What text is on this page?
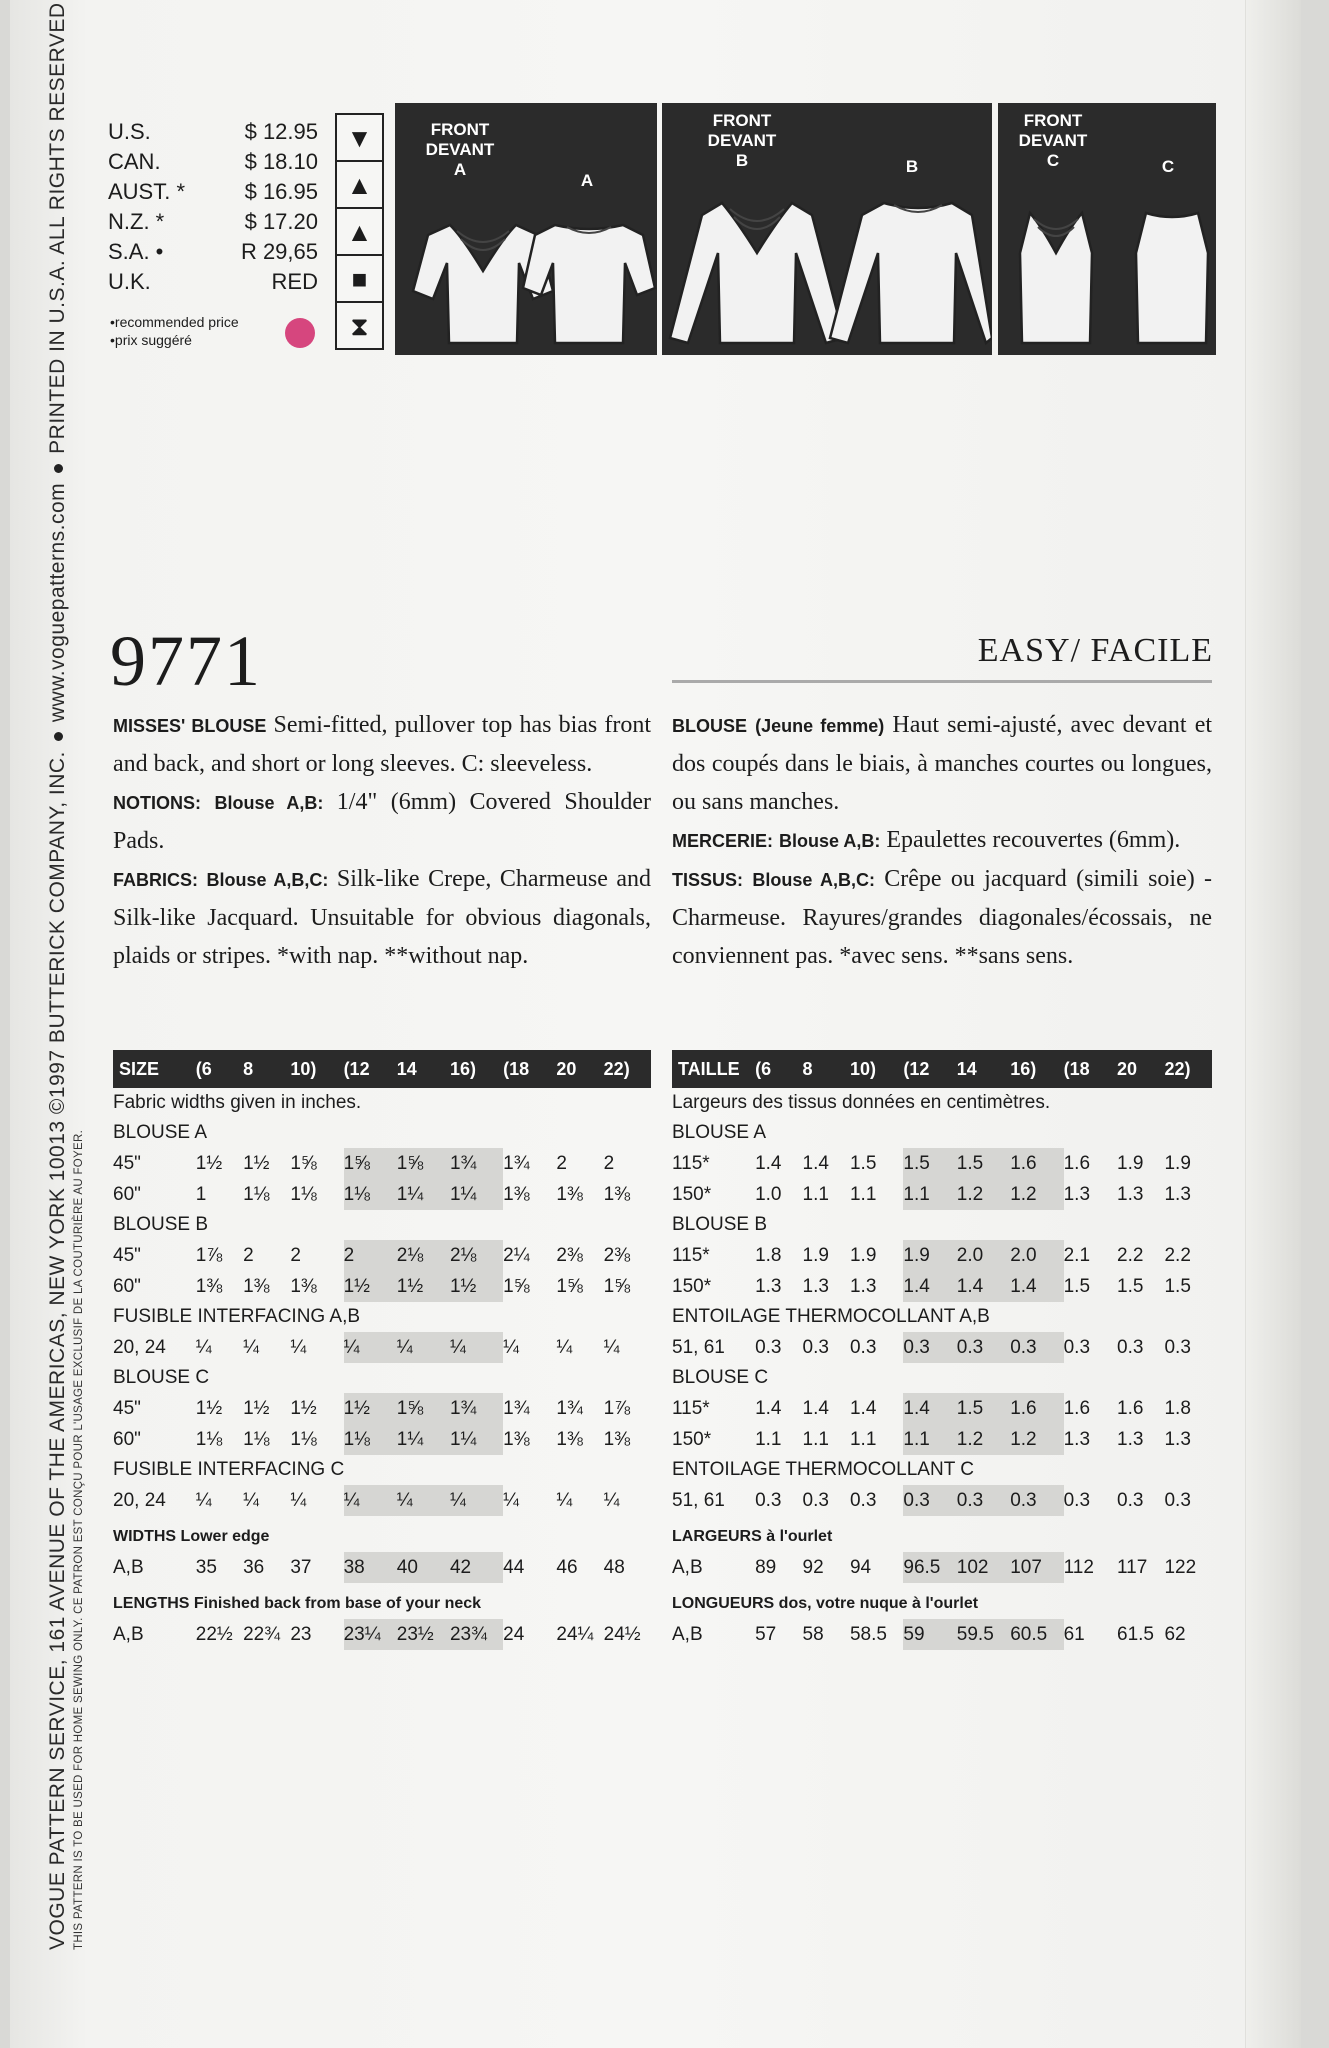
VOGUE PATTERN SERVICE, 161 AVENUE OF THE AMERICAS, NEW YORK 10013 ©1997 BUTTERICK COMPANY, INC.www.voguepatterns.comPRINTED IN U.S.A. ALL RIGHTS RESERVED
THIS PATTERN IS TO BE USED FOR HOME SEWING ONLY. CE PATRON EST CONÇU POUR L'USAGE EXCLUSIF DE LA COUTURIÈRE AU FOYER.
U.S.	$ 12.95
CAN.	$ 18.10
AUST. *	$ 16.95
N.Z. *	$ 17.20
S.A. •	R 29,65
U.K.	RED
•recommended price
•prix suggéré
▼
▲
▲
■
⧗
FRONT
DEVANT
A
A
FRONT
DEVANT
B	B
FRONT
DEVANT
C	C
9771	EASY/ FACILE

MISSES' BLOUSE Semi-fitted, pullover top has bias front and back, and short or long sleeves. C: sleeveless.

NOTIONS: Blouse A,B: 1/4" (6mm) Covered Shoulder Pads.

FABRICS: Blouse A,B,C: Silk-like Crepe, Charmeuse and Silk-like Jacquard. Unsuitable for obvious diagonals, plaids or stripes. *with nap. **without nap.

BLOUSE (Jeune femme) Haut semi-ajusté, avec devant et dos coupés dans le biais, à manches courtes ou longues, ou sans manches.

MERCERIE: Blouse A,B: Epaulettes recouvertes (6mm).

TISSUS: Blouse A,B,C: Crêpe ou jacquard (simili soie) - Charmeuse. Rayures/grandes diagonales/écossais, ne conviennent pas. *avec sens. **sans sens.

SIZE	(6	8	10)	(12	14	16)	(18	20	22)
Fabric widths given in inches.									
BLOUSE A									
45"	1½	1½	1⅝	1⅝	1⅝	1¾	1¾	2	2
60"	1	1⅛	1⅛	1⅛	1¼	1¼	1⅜	1⅜	1⅜
BLOUSE B									
45"	1⅞	2	2	2	2⅛	2⅛	2¼	2⅜	2⅜
60"	1⅜	1⅜	1⅜	1½	1½	1½	1⅝	1⅝	1⅝
FUSIBLE INTERFACING A,B									
20, 24	¼	¼	¼	¼	¼	¼	¼	¼	¼
BLOUSE C									
45"	1½	1½	1½	1½	1⅝	1¾	1¾	1¾	1⅞
60"	1⅛	1⅛	1⅛	1⅛	1¼	1¼	1⅜	1⅜	1⅜
FUSIBLE INTERFACING C									
20, 24	¼	¼	¼	¼	¼	¼	¼	¼	¼
WIDTHS Lower edge									
A,B	35	36	37	38	40	42	44	46	48
LENGTHS Finished back from base of your neck									
A,B	22½	22¾	23	23¼	23½	23¾	24	24¼	24½
TAILLE	(6	8	10)	(12	14	16)	(18	20	22)
Largeurs des tissus données en centimètres.									
BLOUSE A									
115*	1.4	1.4	1.5	1.5	1.5	1.6	1.6	1.9	1.9
150*	1.0	1.1	1.1	1.1	1.2	1.2	1.3	1.3	1.3
BLOUSE B									
115*	1.8	1.9	1.9	1.9	2.0	2.0	2.1	2.2	2.2
150*	1.3	1.3	1.3	1.4	1.4	1.4	1.5	1.5	1.5
ENTOILAGE THERMOCOLLANT A,B									
51, 61	0.3	0.3	0.3	0.3	0.3	0.3	0.3	0.3	0.3
BLOUSE C									
115*	1.4	1.4	1.4	1.4	1.5	1.6	1.6	1.6	1.8
150*	1.1	1.1	1.1	1.1	1.2	1.2	1.3	1.3	1.3
ENTOILAGE THERMOCOLLANT C									
51, 61	0.3	0.3	0.3	0.3	0.3	0.3	0.3	0.3	0.3
LARGEURS à l'ourlet									
A,B	89	92	94	96.5	102	107	112	117	122
LONGUEURS dos, votre nuque à l'ourlet									
A,B	57	58	58.5	59	59.5	60.5	61	61.5	62
